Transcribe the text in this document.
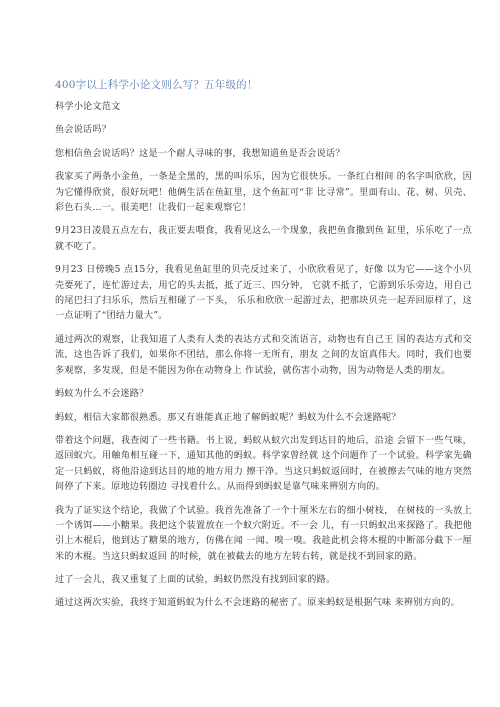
400字以上科学小论文则么写？五年级的！
科学小论文范文
鱼会说话吗？
您相信鱼会说话吗？这是一个耐人寻味的事，我想知道鱼是否会说话？
我家买了两条小金鱼，一条是全黑的，黑的叫乐乐，因为它很快乐。一条红白相间 的名字叫欣欣，因为它懂得欣赏，很好玩吧！他俩生活在鱼缸里，这个鱼缸可“非 比寻常”。里面有山、花、树、贝壳、彩色石头…一。很美吧！让我们一起来观察它！
9月23日凌晨五点左右，我正要去喂食，我看见这么一个现象，我把鱼食撒到鱼 缸里，乐乐吃了一点就不吃了。
9月23 日傍晚5 点15分，我看见鱼缸里的贝壳反过来了，小欣欣看见了，好像 以为它——这个小贝壳要死了，连忙游过去，用它的头去抵，抵了近三、四分钟， 它就不抵了，它游到乐乐旁边，用自己的尾巴扫了扫乐乐，然后互相碰了一下头， 乐乐和欣欣一起游过去，把那块贝壳一起弄回原样了，这一点证明了“团结力量大”。
通过两次的观察，让我知道了人类有人类的表达方式和交流语言，动物也有自己王 国的表达方式和交流，这也告诉了我们，如果你不团结，那么你将一无所有，朋友 之间的友谊真伟大。同时，我们也要多观察，多发现，但是不能因为你在动物身上 作试验，就伤害小动物，因为动物是人类的朋友。
蚂蚁为什么不会迷路？
蚂蚁，相信大家都很熟悉。那又有谁能真正地了解蚂蚁呢？蚂蚁为什么不会迷路呢？
带着这个问题，我查阅了一些书籍。书上说，蚂蚁从蚁穴出发到达目的地后，沿途 会留下一些气味，返回蚁穴。用触角相互碰一下，通知其他的蚂蚁。科学家曾经就 这个问题作了一个试验。科学家先确定一只蚂蚁，将他沿途到达目的地的地方用力 擦干净。当这只蚂蚁返回时，在被擦去气味的地方突然间停了下来。原地边转圈边 寻找着什么。从而得到蚂蚁是靠气味来辨别方向的。
我为了证实这个结论，我做了个试验。我首先准备了一个十厘米左右的细小树枝， 在树枝的一头放上一个诱饵——小糖果。我把这个装置放在一个蚁穴附近。不一会 儿，有一只蚂蚁出来探路了。我把他引上木棍后，他到达了糖果的地方，仿佛在闻 一闻、嗅一嗅。我趁此机会将木棍的中断部分截下一厘米的木棍。当这只蚂蚁返回 的时候，就在被截去的地方左转右转，就是找不到回家的路。
过了一会儿，我又重复了上面的试验，蚂蚁仍然没有找到回家的路。
通过这两次实验，我终于知道蚂蚁为什么不会迷路的秘密了。原来蚂蚁是根据气味 来辨别方向的。
